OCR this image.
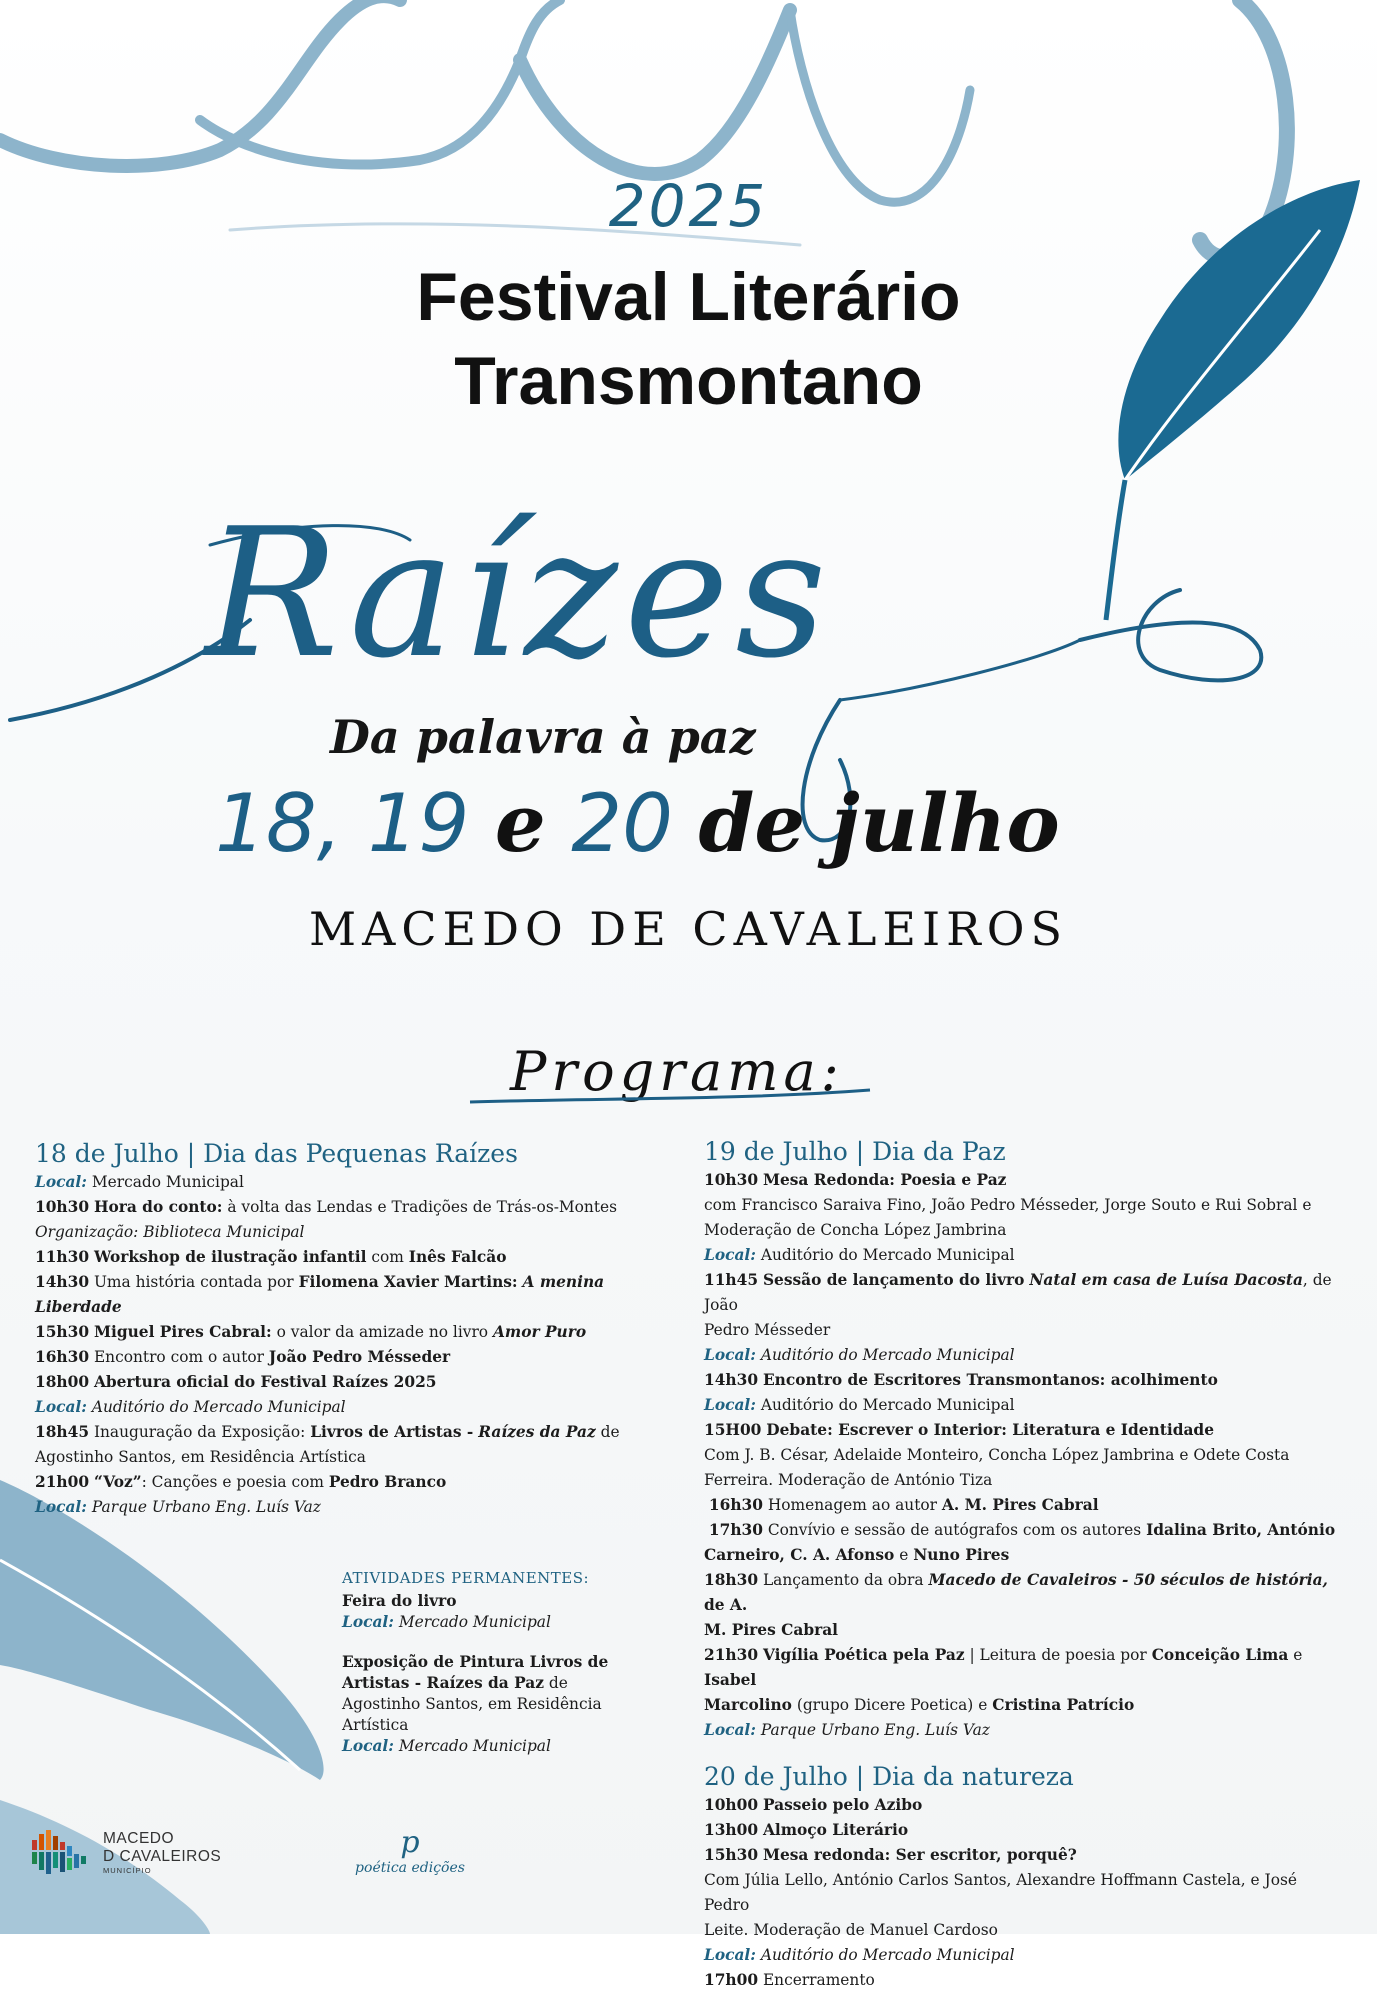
2025

Festival Literário

Transmontano

Raízes

Da palavra à paz

18, 19 e 20 de julho

MACEDO DE CAVALEIROS

Programa:

18 de Julho | Dia das Pequenas Raízes

Local: Mercado Municipal

10h30 Hora do conto: à volta das Lendas e Tradições de Trás-os-Montes

Organização: Biblioteca Municipal

11h30 Workshop de ilustração infantil com Inês Falcão

14h30 Uma história contada por Filomena Xavier Martins: A menina Liberdade

15h30 Miguel Pires Cabral: o valor da amizade no livro Amor Puro

16h30 Encontro com o autor João Pedro Mésseder

18h00 Abertura oficial do Festival Raízes 2025

Local: Auditório do Mercado Municipal

18h45 Inauguração da Exposição: Livros de Artistas - Raízes da Paz de

Agostinho Santos, em Residência Artística

21h00 “Voz”: Canções e poesia com Pedro Branco

Local: Parque Urbano Eng. Luís Vaz

19 de Julho | Dia da Paz

10h30 Mesa Redonda: Poesia e Paz

com Francisco Saraiva Fino, João Pedro Mésseder, Jorge Souto e Rui Sobral e

Moderação de Concha López Jambrina

Local: Auditório do Mercado Municipal

11h45 Sessão de lançamento do livro Natal em casa de Luísa Dacosta, de João

Pedro Mésseder

Local: Auditório do Mercado Municipal

14h30 Encontro de Escritores Transmontanos: acolhimento

Local: Auditório do Mercado Municipal

15H00 Debate: Escrever o Interior: Literatura e Identidade

Com J. B. César, Adelaide Monteiro, Concha López Jambrina e Odete Costa

Ferreira. Moderação de António Tiza

16h30 Homenagem ao autor A. M. Pires Cabral

17h30 Convívio e sessão de autógrafos com os autores Idalina Brito, António

Carneiro, C. A. Afonso e Nuno Pires

18h30 Lançamento da obra Macedo de Cavaleiros - 50 séculos de história, de A.

M. Pires Cabral

21h30 Vigília Poética pela Paz | Leitura de poesia por Conceição Lima e Isabel

Marcolino (grupo Dicere Poetica) e Cristina Patrício

Local: Parque Urbano Eng. Luís Vaz

20 de Julho | Dia da natureza

10h00 Passeio pelo Azibo

13h00 Almoço Literário

15h30 Mesa redonda: Ser escritor, porquê?

Com Júlia Lello, António Carlos Santos, Alexandre Hoffmann Castela, e José Pedro

Leite. Moderação de Manuel Cardoso

Local: Auditório do Mercado Municipal

17h00 Encerramento

ATIVIDADES PERMANENTES:

Feira do livro

Local: Mercado Municipal

Exposição de Pintura Livros de Artistas - Raízes da Paz de Agostinho Santos, em Residência Artística

Local: Mercado Municipal

MACEDO
D CAVALEIROS
MUNICÍPIO
p
poética edições
